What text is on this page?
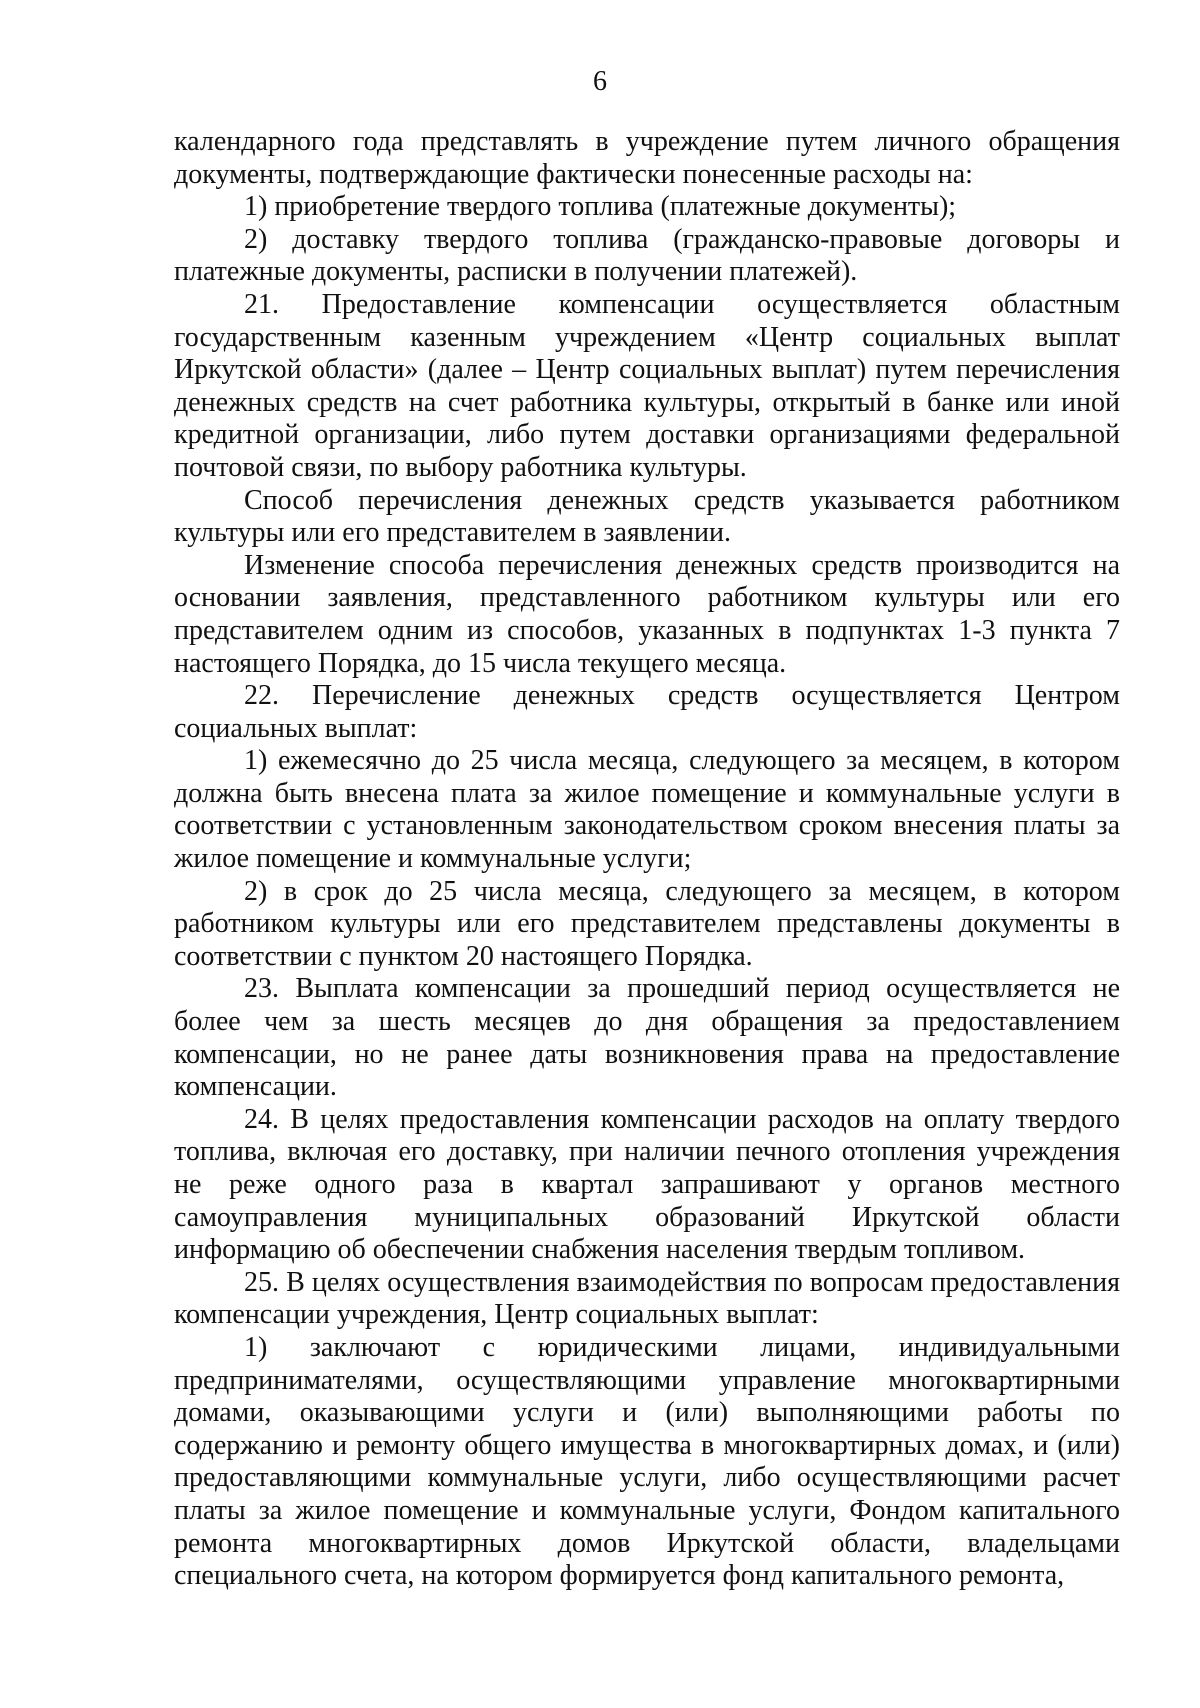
6

календарного года представлять в учреждение путем личного обращения документы, подтверждающие фактически понесенные расходы на:

1) приобретение твердого топлива (платежные документы);

2) доставку твердого топлива (гражданско-правовые договоры и платежные документы, расписки в получении платежей).

21. Предоставление компенсации осуществляется областным государственным казенным учреждением «Центр социальных выплат Иркутской области» (далее – Центр социальных выплат) путем перечисления денежных средств на счет работника культуры, открытый в банке или иной кредитной организации, либо путем доставки организациями федеральной почтовой связи, по выбору работника культуры.

Способ перечисления денежных средств указывается работником культуры или его представителем в заявлении.

Изменение способа перечисления денежных средств производится на основании заявления, представленного работником культуры или его представителем одним из способов, указанных в подпунктах 1-3 пункта 7 настоящего Порядка, до 15 числа текущего месяца.

22. Перечисление денежных средств осуществляется Центром социальных выплат:

1) ежемесячно до 25 числа месяца, следующего за месяцем, в котором должна быть внесена плата за жилое помещение и коммунальные услуги в соответствии с установленным законодательством сроком внесения платы за жилое помещение и коммунальные услуги;

2) в срок до 25 числа месяца, следующего за месяцем, в котором работником культуры или его представителем представлены документы в соответствии с пунктом 20 настоящего Порядка.

23. Выплата компенсации за прошедший период осуществляется не более чем за шесть месяцев до дня обращения за предоставлением компенсации, но не ранее даты возникновения права на предоставление компенсации.

24. В целях предоставления компенсации расходов на оплату твердого топлива, включая его доставку, при наличии печного отопления учреждения не реже одного раза в квартал запрашивают у органов местного самоуправления муниципальных образований Иркутской области информацию об обеспечении снабжения населения твердым топливом.

25. В целях осуществления взаимодействия по вопросам предоставления компенсации учреждения, Центр социальных выплат:

1) заключают с юридическими лицами, индивидуальными предпринимателями, осуществляющими управление многоквартирными домами, оказывающими услуги и (или) выполняющими работы по содержанию и ремонту общего имущества в многоквартирных домах, и (или) предоставляющими коммунальные услуги, либо осуществляющими расчет платы за жилое помещение и коммунальные услуги, Фондом капитального ремонта многоквартирных домов Иркутской области, владельцами специального счета, на котором формируется фонд капитального ремонта,
